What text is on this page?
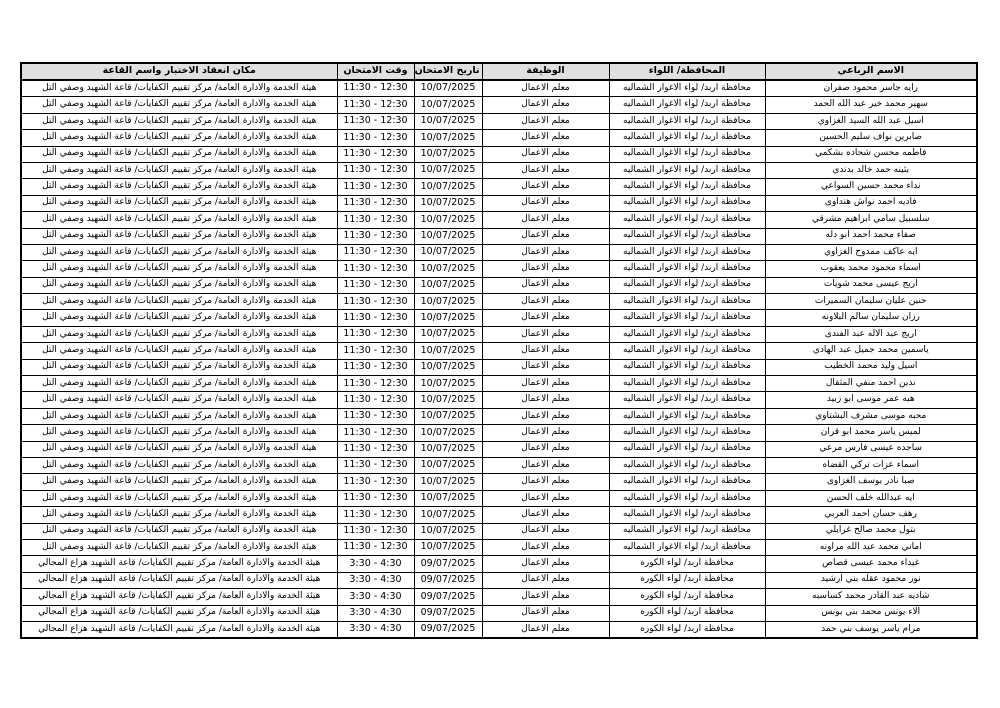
الاسم الرباعي	المحافظة/ اللواء	الوظيفة	تاريخ الامتحان	وقت الامتحان	مكان انعقاد الاختبار واسم القاعة
رايه جاسر محمود صفران	محافظة اربد/ لواء الاغوار الشماليه	معلم الاعمال	10/07/2025	11:30 - 12:30	هيئة الخدمة والادارة العامة/ مركز تقييم الكفايات/ قاعة الشهيد وصفي التل
سهير محمد خير عبد الله الحمد	محافظة اربد/ لواء الاغوار الشماليه	معلم الاعمال	10/07/2025	11:30 - 12:30	هيئة الخدمة والادارة العامة/ مركز تقييم الكفايات/ قاعة الشهيد وصفي التل
اسيل عبد الله السيد الغزاوي	محافظة اربد/ لواء الاغوار الشماليه	معلم الاعمال	10/07/2025	11:30 - 12:30	هيئة الخدمة والادارة العامة/ مركز تقييم الكفايات/ قاعة الشهيد وصفي التل
صابرين نواف سليم الحسين	محافظة اربد/ لواء الاغوار الشماليه	معلم الاعمال	10/07/2025	11:30 - 12:30	هيئة الخدمة والادارة العامة/ مركز تقييم الكفايات/ قاعة الشهيد وصفي التل
فاطمه محسن شحاده بشكمي	محافظة اربد/ لواء الاغوار الشماليه	معلم الاعمال	10/07/2025	11:30 - 12:30	هيئة الخدمة والادارة العامة/ مركز تقييم الكفايات/ قاعة الشهيد وصفي التل
بثينه حمد خالد بدندي	محافظة اربد/ لواء الاغوار الشماليه	معلم الاعمال	10/07/2025	11:30 - 12:30	هيئة الخدمة والادارة العامة/ مركز تقييم الكفايات/ قاعة الشهيد وصفي التل
نداء محمد حسين السواعي	محافظة اربد/ لواء الاغوار الشماليه	معلم الاعمال	10/07/2025	11:30 - 12:30	هيئة الخدمة والادارة العامة/ مركز تقييم الكفايات/ قاعة الشهيد وصفي التل
فاديه احمد نواش هنداوى	محافظة اربد/ لواء الاغوار الشماليه	معلم الاعمال	10/07/2025	11:30 - 12:30	هيئة الخدمة والادارة العامة/ مركز تقييم الكفايات/ قاعة الشهيد وصفي التل
سلسبيل سامي ابراهيم مشرقي	محافظة اربد/ لواء الاغوار الشماليه	معلم الاعمال	10/07/2025	11:30 - 12:30	هيئة الخدمة والادارة العامة/ مركز تقييم الكفايات/ قاعة الشهيد وصفي التل
صفاء محمد احمد ابو دله	محافظة اربد/ لواء الاغوار الشماليه	معلم الاعمال	10/07/2025	11:30 - 12:30	هيئة الخدمة والادارة العامة/ مركز تقييم الكفايات/ قاعة الشهيد وصفي التل
ايه عاكف ممدوح الغزاوي	محافظة اربد/ لواء الاغوار الشماليه	معلم الاعمال	10/07/2025	11:30 - 12:30	هيئة الخدمة والادارة العامة/ مركز تقييم الكفايات/ قاعة الشهيد وصفي التل
اسماء محمود محمد يعقوب	محافظة اربد/ لواء الاغوار الشماليه	معلم الاعمال	10/07/2025	11:30 - 12:30	هيئة الخدمة والادارة العامة/ مركز تقييم الكفايات/ قاعة الشهيد وصفي التل
اريج عيسى محمد شويات	محافظة اربد/ لواء الاغوار الشماليه	معلم الاعمال	10/07/2025	11:30 - 12:30	هيئة الخدمة والادارة العامة/ مركز تقييم الكفايات/ قاعة الشهيد وصفي التل
حنين عليان سليمان السميرات	محافظة اربد/ لواء الاغوار الشماليه	معلم الاعمال	10/07/2025	11:30 - 12:30	هيئة الخدمة والادارة العامة/ مركز تقييم الكفايات/ قاعة الشهيد وصفي التل
رزان سليمان سالم البلاونه	محافظة اربد/ لواء الاغوار الشماليه	معلم الاعمال	10/07/2025	11:30 - 12:30	هيئة الخدمة والادارة العامة/ مركز تقييم الكفايات/ قاعة الشهيد وصفي التل
اريج عبد الاله عبد الفندى	محافظة اربد/ لواء الاغوار الشماليه	معلم الاعمال	10/07/2025	11:30 - 12:30	هيئة الخدمة والادارة العامة/ مركز تقييم الكفايات/ قاعة الشهيد وصفي التل
ياسمين محمد جميل عبد الهادي	محافظة اربد/ لواء الاغوار الشماليه	معلم الاعمال	10/07/2025	11:30 - 12:30	هيئة الخدمة والادارة العامة/ مركز تقييم الكفايات/ قاعة الشهيد وصفي التل
اسيل وليد محمد الخطيب	محافظة اربد/ لواء الاغوار الشماليه	معلم الاعمال	10/07/2025	11:30 - 12:30	هيئة الخدمة والادارة العامة/ مركز تقييم الكفايات/ قاعة الشهيد وصفي التل
ندين احمد منفي المثقال	محافظة اربد/ لواء الاغوار الشماليه	معلم الاعمال	10/07/2025	11:30 - 12:30	هيئة الخدمة والادارة العامة/ مركز تقييم الكفايات/ قاعة الشهيد وصفي التل
هبه عمر موسى ابو زبيد	محافظة اربد/ لواء الاغوار الشماليه	معلم الاعمال	10/07/2025	11:30 - 12:30	هيئة الخدمة والادارة العامة/ مركز تقييم الكفايات/ قاعة الشهيد وصفي التل
محبه موسى مشرف البشتاوي	محافظة اربد/ لواء الاغوار الشماليه	معلم الاعمال	10/07/2025	11:30 - 12:30	هيئة الخدمة والادارة العامة/ مركز تقييم الكفايات/ قاعة الشهيد وصفي التل
لميس ياسر محمد ابو قران	محافظة اربد/ لواء الاغوار الشماليه	معلم الاعمال	10/07/2025	11:30 - 12:30	هيئة الخدمة والادارة العامة/ مركز تقييم الكفايات/ قاعة الشهيد وصفي التل
ساجده عيسى فارس مرعي	محافظة اربد/ لواء الاغوار الشماليه	معلم الاعمال	10/07/2025	11:30 - 12:30	هيئة الخدمة والادارة العامة/ مركز تقييم الكفايات/ قاعة الشهيد وصفي التل
اسماء عزات تركي القضاه	محافظة اربد/ لواء الاغوار الشماليه	معلم الاعمال	10/07/2025	11:30 - 12:30	هيئة الخدمة والادارة العامة/ مركز تقييم الكفايات/ قاعة الشهيد وصفي التل
صبا نادر يوسف الغزاوى	محافظة اربد/ لواء الاغوار الشماليه	معلم الاعمال	10/07/2025	11:30 - 12:30	هيئة الخدمة والادارة العامة/ مركز تقييم الكفايات/ قاعة الشهيد وصفي التل
ايه عبدالله خلف الحسن	محافظة اربد/ لواء الاغوار الشماليه	معلم الاعمال	10/07/2025	11:30 - 12:30	هيئة الخدمة والادارة العامة/ مركز تقييم الكفايات/ قاعة الشهيد وصفي التل
رهف حسان احمد العربي	محافظة اربد/ لواء الاغوار الشماليه	معلم الاعمال	10/07/2025	11:30 - 12:30	هيئة الخدمة والادارة العامة/ مركز تقييم الكفايات/ قاعة الشهيد وصفي التل
بتول محمد صالح غرايلي	محافظة اربد/ لواء الاغوار الشماليه	معلم الاعمال	10/07/2025	11:30 - 12:30	هيئة الخدمة والادارة العامة/ مركز تقييم الكفايات/ قاعة الشهيد وصفي التل
اماني محمد عبد الله مراونه	محافظة اربد/ لواء الاغوار الشماليه	معلم الاعمال	10/07/2025	11:30 - 12:30	هيئة الخدمة والادارة العامة/ مركز تقييم الكفايات/ قاعة الشهيد وصفي التل
غيداء محمد عيسى قصاص	محافظة اربد/ لواء الكوره	معلم الاعمال	09/07/2025	3:30 - 4:30	هيئة الخدمة والادارة العامة/ مركز تقييم الكفايات/ قاعة الشهيد هزاع المجالي
نور محمود عقله بني ارشيد	محافظة اربد/ لواء الكوره	معلم الاعمال	09/07/2025	3:30 - 4:30	هيئة الخدمة والادارة العامة/ مركز تقييم الكفايات/ قاعة الشهيد هزاع المجالي
شاديه عبد القادر محمد كساسبه	محافظة اربد/ لواء الكوره	معلم الاعمال	09/07/2025	3:30 - 4:30	هيئة الخدمة والادارة العامة/ مركز تقييم الكفايات/ قاعة الشهيد هزاع المجالي
الاء يونس محمد بني يونس	محافظة اربد/ لواء الكوره	معلم الاعمال	09/07/2025	3:30 - 4:30	هيئة الخدمة والادارة العامة/ مركز تقييم الكفايات/ قاعة الشهيد هزاع المجالي
مرام ياسر يوسف بني حمد	محافظة اربد/ لواء الكوره	معلم الاعمال	09/07/2025	3:30 - 4:30	هيئة الخدمة والادارة العامة/ مركز تقييم الكفايات/ قاعة الشهيد هزاع المجالي
